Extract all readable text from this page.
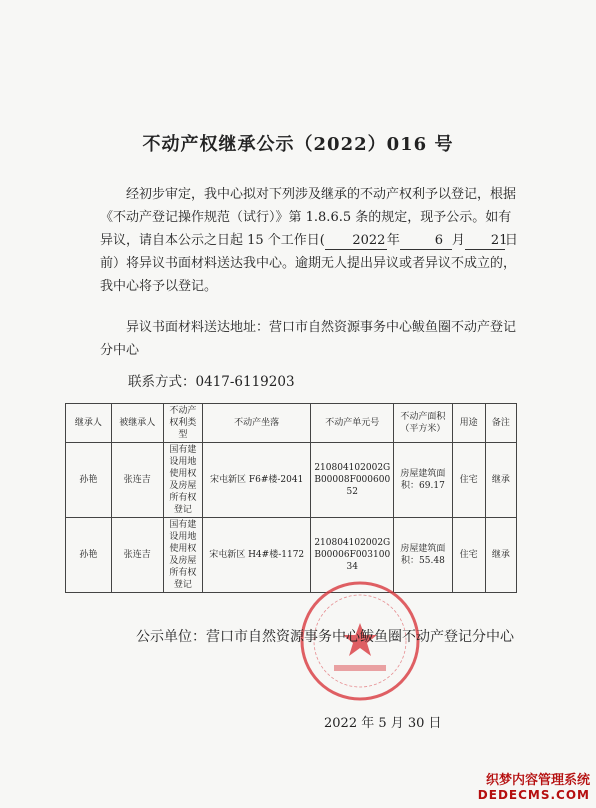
不动产权继承公示（2022）016 号

经初步审定，我中心拟对下列涉及继承的不动产权利予以登记，根据《不动产登记操作规范（试行）》第 1.8.6.5 条的规定，现予公示。如有异议，请自本公示之日起 15 个工作日( 2022年	6 月 21日前）将异议书面材料送达我中心。逾期无人提出异议或者异议不成立的，我中心将予以登记。

异议书面材料送达地址：营口市自然资源事务中心鲅鱼圈不动产登记分中心

联系方式：0417-6119203
继承人	被继承人	不动产权利类型	不动产坐落	不动产单元号	不动产面积（平方米）	用途	备注
孙艳	张连吉	国有建设用地使用权及房屋所有权登记	宋屯新区 F6#楼-2041	210804102002GB00008F00060052	房屋建筑面积：69.17	住宅	继承
孙艳	张连吉	国有建设用地使用权及房屋所有权登记	宋屯新区 H4#楼-1172	210804102002GB00006F00310034	房屋建筑面积：55.48	住宅	继承
公示单位：营口市自然资源事务中心鲅鱼圈不动产登记分中心
2022 年 5 月 30 日
织梦内容管理系统
DEDECMS.COM
